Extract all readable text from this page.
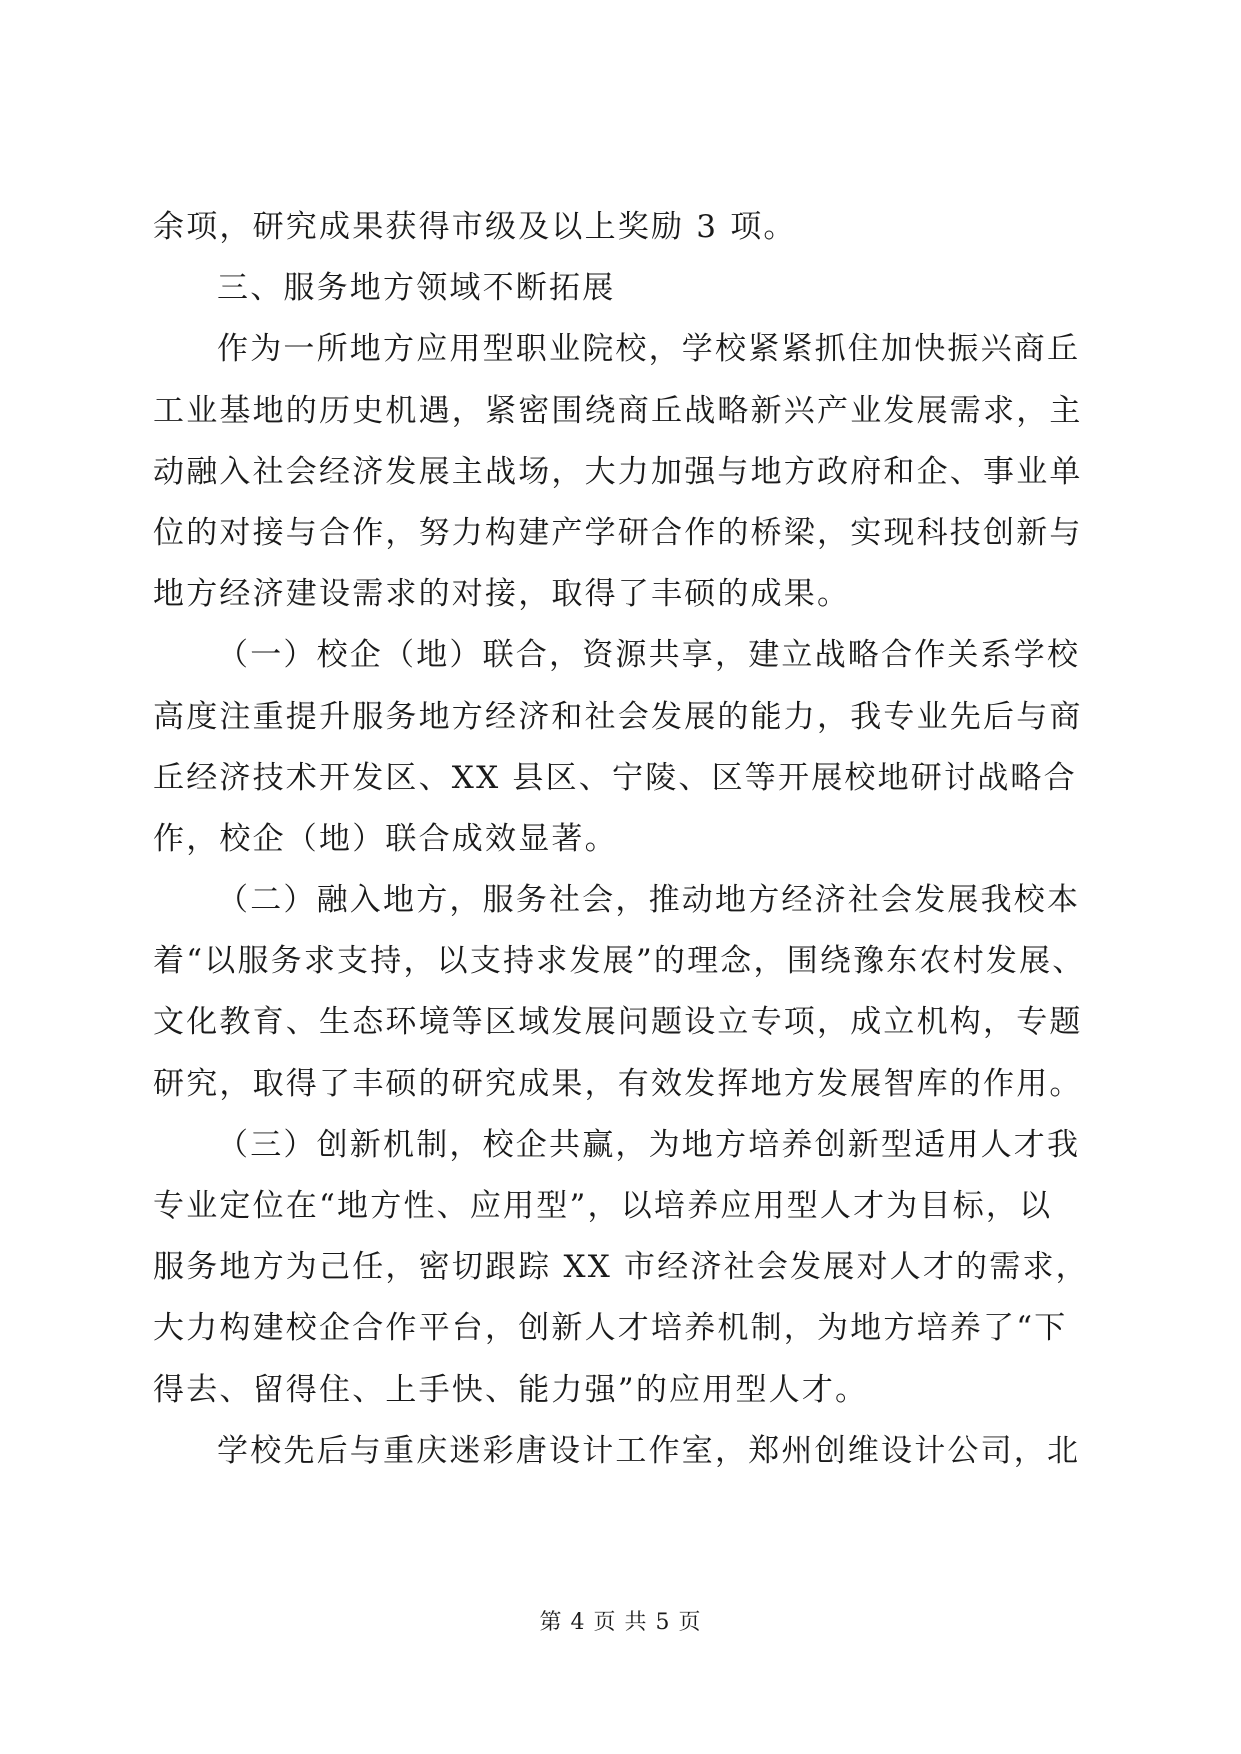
余项，研究成果获得市级及以上奖励 3 项。
三、服务地方领域不断拓展
作为一所地方应用型职业院校，学校紧紧抓住加快振兴商丘
工业基地的历史机遇，紧密围绕商丘战略新兴产业发展需求，主
动融入社会经济发展主战场，大力加强与地方政府和企、事业单
位的对接与合作，努力构建产学研合作的桥梁，实现科技创新与
地方经济建设需求的对接，取得了丰硕的成果。
（一）校企（地）联合，资源共享，建立战略合作关系学校
高度注重提升服务地方经济和社会发展的能力，我专业先后与商
丘经济技术开发区、XX 县区、宁陵、区等开展校地研讨战略合
作，校企（地）联合成效显著。
（二）融入地方，服务社会，推动地方经济社会发展我校本
着“以服务求支持，以支持求发展”的理念，围绕豫东农村发展、
文化教育、生态环境等区域发展问题设立专项，成立机构，专题
研究，取得了丰硕的研究成果，有效发挥地方发展智库的作用。
（三）创新机制，校企共赢，为地方培养创新型适用人才我
专业定位在“地方性、应用型”，以培养应用型人才为目标，以
服务地方为己任，密切跟踪 XX 市经济社会发展对人才的需求，
大力构建校企合作平台，创新人才培养机制，为地方培养了“下
得去、留得住、上手快、能力强”的应用型人才。
学校先后与重庆迷彩唐设计工作室，郑州创维设计公司，北
第 4 页 共 5 页
